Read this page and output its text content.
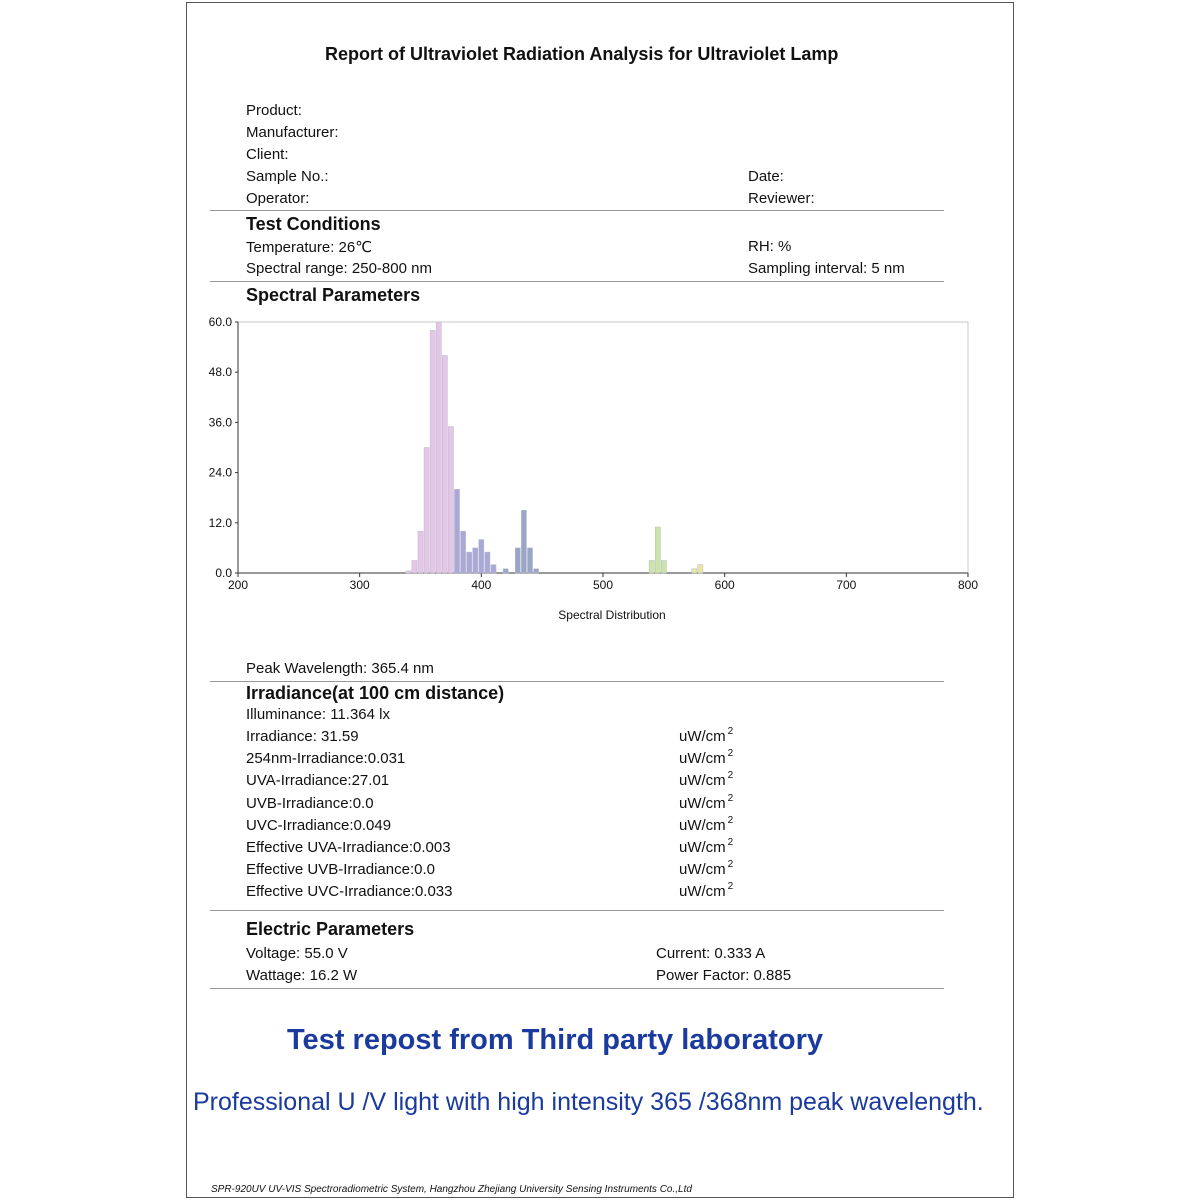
Report of Ultraviolet Radiation Analysis for Ultraviolet Lamp
Product:
Manufacturer:
Client:
Sample No.:	Date:
Operator:	Reviewer:
Test Conditions
Temperature: 26℃	RH: %
Spectral range: 250-800 nm	Sampling interval: 5 nm
Spectral Parameters
0.0
12.0
24.0
36.0
48.0
60.0
200	300	400	500	600	700	800
Spectral Distribution
Peak Wavelength: 365.4 nm
Irradiance(at 100 cm distance)
Illuminance: 11.364 lx
Irradiance: 31.59	uW/cm $^2$
254nm-Irradiance:0.031	uW/cm $^2$
UVA-Irradiance:27.01	uW/cm $^2$
UVB-Irradiance:0.0	uW/cm $^2$
UVC-Irradiance:0.049	uW/cm $^2$
Effective UVA-Irradiance:0.003	uW/cm $^2$
Effective UVB-Irradiance:0.0	uW/cm $^2$
Effective UVC-Irradiance:0.033	uW/cm $^2$
Electric Parameters
Voltage: 55.0 V	Current: 0.333 A
Wattage: 16.2 W	Power Factor: 0.885
Test repost from Third party laboratory
Professional U /V light with high intensity 365 /368nm peak wavelength.
SPR-920UV UV-VIS Spectroradiometric System, Hangzhou Zhejiang University Sensing Instruments Co.,Ltd
